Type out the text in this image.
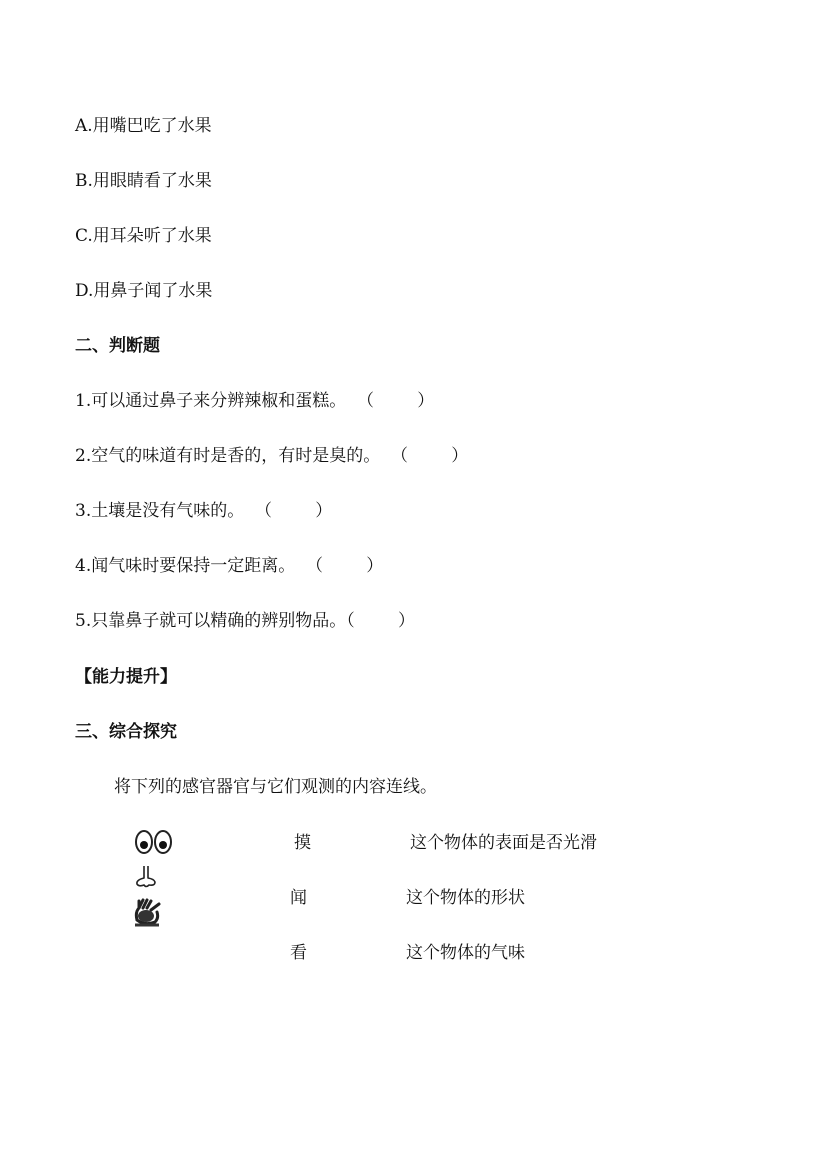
A.用嘴巴吃了水果
B.用眼睛看了水果
C.用耳朵听了水果
D.用鼻子闻了水果
二、判断题
1.可以通过鼻子来分辨辣椒和蛋糕。  （        ）
2.空气的味道有时是香的，有时是臭的。  （        ）
3.土壤是没有气味的。  （        ）
4.闻气味时要保持一定距离。  （        ）
5.只靠鼻子就可以精确的辨别物品。（        ）
【能力提升】
三、综合探究
将下列的感官器官与它们观测的内容连线。
摸
闻
看
这个物体的表面是否光滑
这个物体的形状
这个物体的气味
